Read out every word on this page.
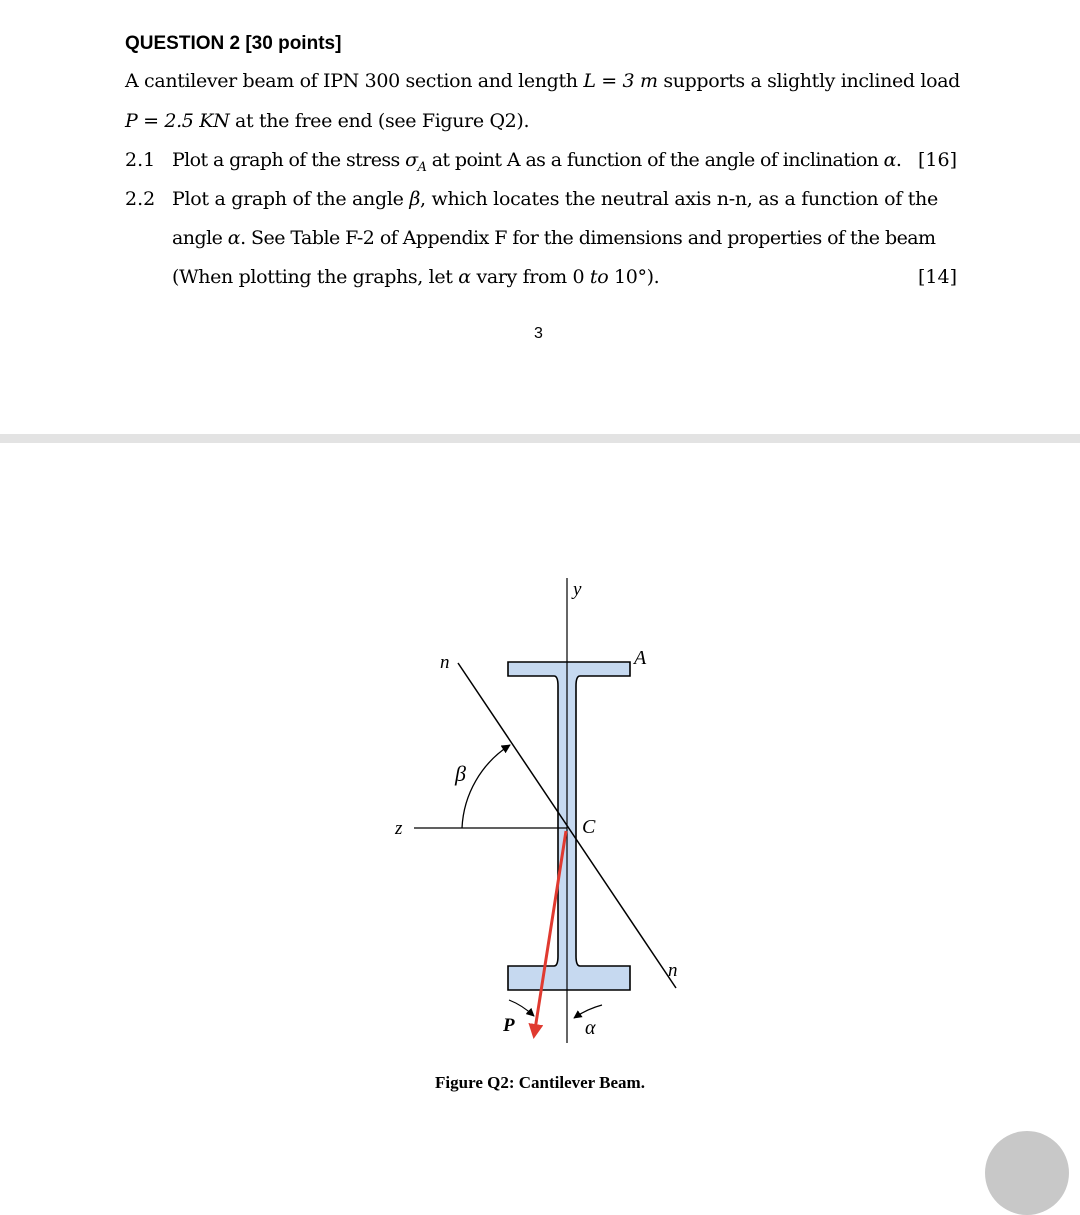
QUESTION 2 [30 points]
A cantilever beam of IPN 300 section and length L = 3 m supports a slightly inclined load
P = 2.5 KN at the free end (see Figure Q2).
2.1 Plot a graph of the stress $\sigma_A$ at point A as a function of the angle of inclination α. [16]
2.2 Plot a graph of the angle β, which locates the neutral axis n-n, as a function of the
angle α. See Table F-2 of Appendix F for the dimensions and properties of the beam
(When plotting the graphs, let α vary from 0 to 10°).	[14]
3
y
z
n
n
A
C
β
P	α
Figure Q2: Cantilever Beam.
